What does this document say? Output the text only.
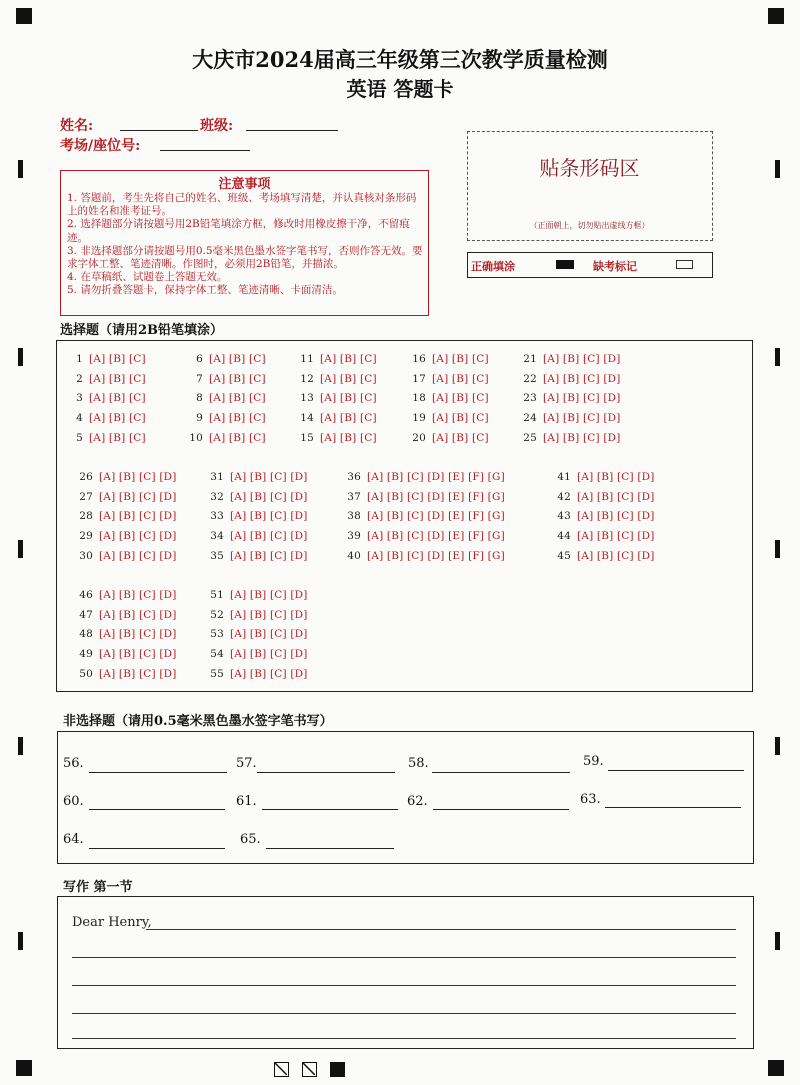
大庆市2024届高三年级第三次教学质量检测
英语 答题卡
姓名:	班级:
考场/座位号:
注意事项
1. 答题前，考生先将自己的姓名、班级、考场填写清楚，并认真核对条形码上的姓名和准考证号。
2. 选择题部分请按题号用2B铅笔填涂方框，修改时用橡皮擦干净，不留痕迹。
3. 非选择题部分请按题号用0.5毫米黑色墨水签字笔书写，否则作答无效。要求字体工整、笔迹清晰。作图时，必须用2B铅笔，并描浓。
4. 在草稿纸、试题卷上答题无效。
5. 请勿折叠答题卡，保持字体工整、笔迹清晰、卡面清洁。
贴条形码区
（正面朝上，切勿贴出虚线方框）
正确填涂	缺考标记
选择题（请用2B铅笔填涂）
1 [A] [B] [C]
2 [A] [B] [C]
3 [A] [B] [C]
4 [A] [B] [C]
5 [A] [B] [C]
6 [A] [B] [C]
7 [A] [B] [C]
8 [A] [B] [C]
9 [A] [B] [C]
10 [A] [B] [C]
11 [A] [B] [C]
12 [A] [B] [C]
13 [A] [B] [C]
14 [A] [B] [C]
15 [A] [B] [C]
16 [A] [B] [C]
17 [A] [B] [C]
18 [A] [B] [C]
19 [A] [B] [C]
20 [A] [B] [C]
21 [A] [B] [C] [D]
22 [A] [B] [C] [D]
23 [A] [B] [C] [D]
24 [A] [B] [C] [D]
25 [A] [B] [C] [D]
26 [A] [B] [C] [D]
27 [A] [B] [C] [D]
28 [A] [B] [C] [D]
29 [A] [B] [C] [D]
30 [A] [B] [C] [D]
31 [A] [B] [C] [D]
32 [A] [B] [C] [D]
33 [A] [B] [C] [D]
34 [A] [B] [C] [D]
35 [A] [B] [C] [D]
36 [A] [B] [C] [D] [E] [F] [G]
37 [A] [B] [C] [D] [E] [F] [G]
38 [A] [B] [C] [D] [E] [F] [G]
39 [A] [B] [C] [D] [E] [F] [G]
40 [A] [B] [C] [D] [E] [F] [G]
41 [A] [B] [C] [D]
42 [A] [B] [C] [D]
43 [A] [B] [C] [D]
44 [A] [B] [C] [D]
45 [A] [B] [C] [D]
46 [A] [B] [C] [D]
47 [A] [B] [C] [D]
48 [A] [B] [C] [D]
49 [A] [B] [C] [D]
50 [A] [B] [C] [D]
51 [A] [B] [C] [D]
52 [A] [B] [C] [D]
53 [A] [B] [C] [D]
54 [A] [B] [C] [D]
55 [A] [B] [C] [D]
非选择题（请用0.5毫米黑色墨水签字笔书写）
56.	57.	58.	59.
60.	61.	62.	63.
64.	65.
写作 第一节
Dear Henry,
